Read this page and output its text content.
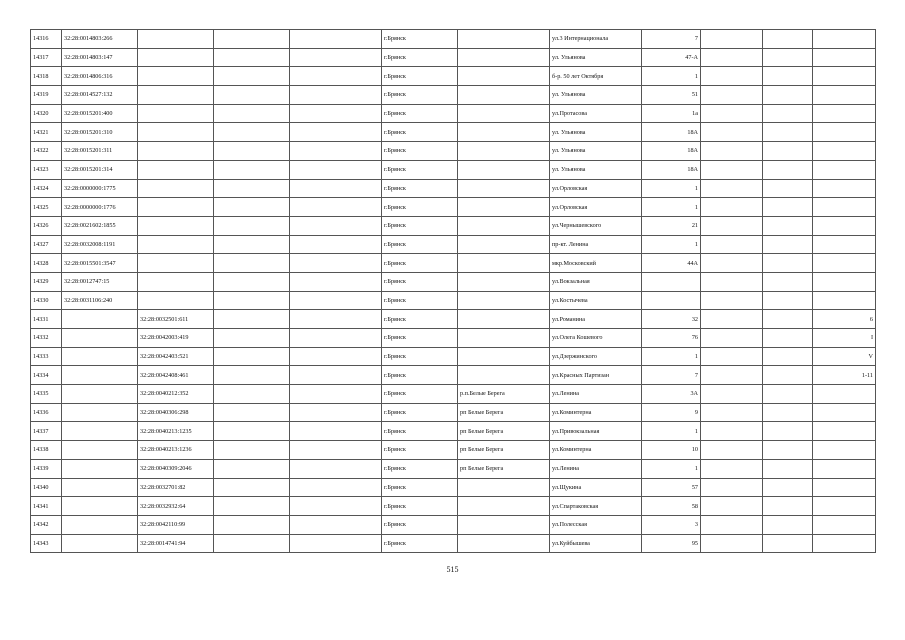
14316	32:28:0014803:266				г.Брянск		ул.3 Интернационала	7			
14317	32:28:0014803:147				г.Брянск		ул. Ульянова	47-А			
14318	32:28:0014806:316				г.Брянск		б-р. 50 лет Октября	1			
14319	32:28:0014527:132				г.Брянск		ул. Ульянова	51			
14320	32:28:0015201:400				г.Брянск		ул.Протасова	1а			
14321	32:28:0015201:310				г.Брянск		ул. Ульянова	18А			
14322	32:28:0015201:311				г.Брянск		ул. Ульянова	18А			
14323	32:28:0015201:314				г.Брянск		ул. Ульянова	18А			
14324	32:28:0000000:1775				г.Брянск		ул.Орловская	1			
14325	32:28:0000000:1776				г.Брянск		ул.Орловская	1			
14326	32:28:0021602:1855				г.Брянск		ул.Чернышевского	21			
14327	32:28:0032008:1191				г.Брянск		пр-кт. Ленина	1			
14328	32:28:0015501:3547				г.Брянск		мкр.Московский	44А			
14329	32:28:0012747:15				г.Брянск		ул.Вокзальная				
14330	32:28:0031106:240				г.Брянск		ул.Костычева				
14331		32:28:0032501:611			г.Брянск		ул.Романина	32			6
14332		32:28:0042003:419			г.Брянск		ул.Олега Кошевого	76			I
14333		32:28:0042403:521			г.Брянск		ул.Дзержинского	1			V
14334		32:28:0042408:461			г.Брянск		ул.Красных Партизан	7			1-11
14335		32:28:0040212:352			г.Брянск	р.п.Белые Берега	ул.Ленина	3А			
14336		32:28:0040306:298			г.Брянск	рп Белые Берега	ул.Коминтерна	9			
14337		32:28:0040213:1235			г.Брянск	рп Белые Берега	ул.Привокзальная	1			
14338		32:28:0040213:1236			г.Брянск	рп Белые Берега	ул.Коминтерна	10			
14339		32:28:0040309:2046			г.Брянск	рп Белые Берега	ул.Ленина	1			
14340		32:28:0032701:82			г.Брянск		ул.Щукина	57			
14341		32:28:0032932:64			г.Брянск		ул.Спартаковская	58			
14342		32:28:0042110:99			г.Брянск		ул.Полесская	3			
14343		32:28:0014741:94			г.Брянск		ул.Куйбышева	95			
515
